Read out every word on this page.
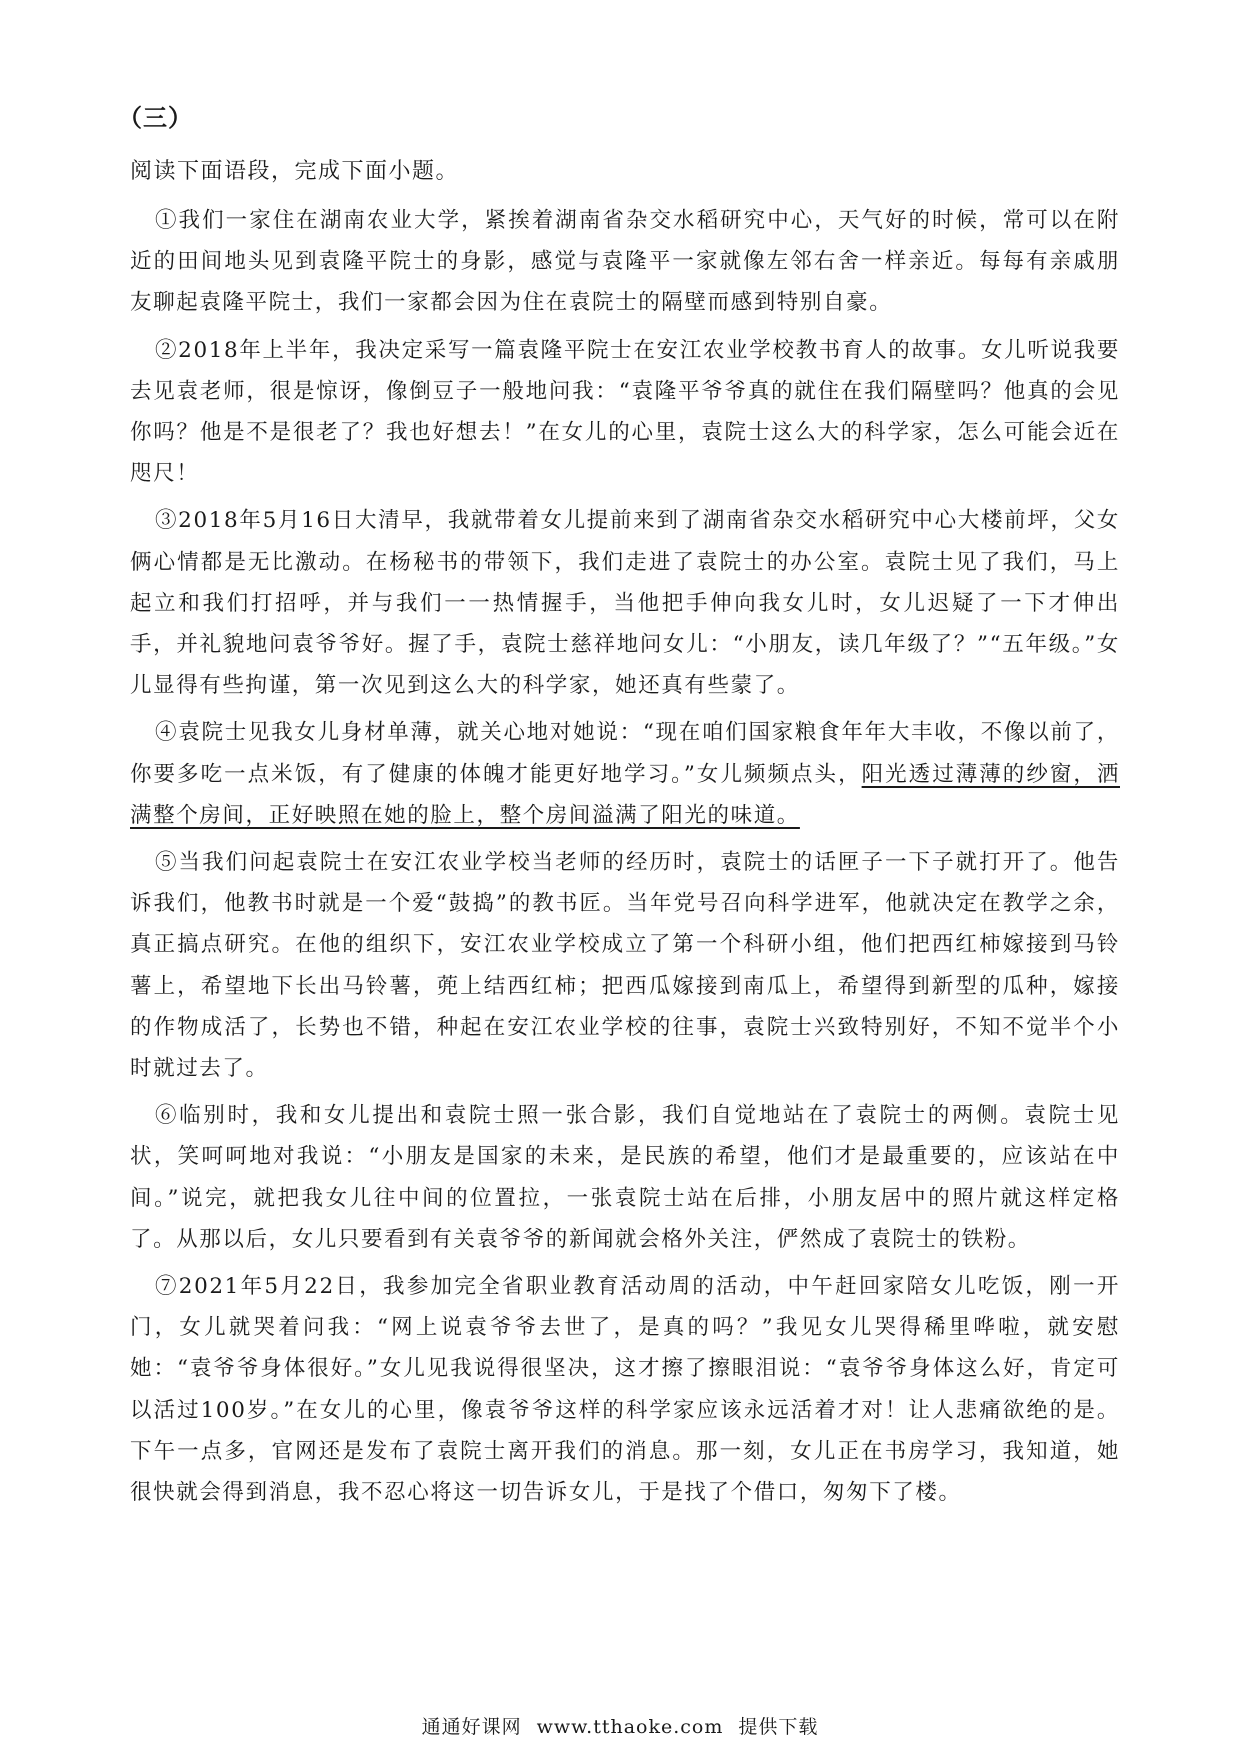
（三）
阅读下面语段，完成下面小题。

①我们一家住在湖南农业大学，紧挨着湖南省杂交水稻研究中心，天气好的时候，常可以在附近的田间地头见到袁隆平院士的身影，感觉与袁隆平一家就像左邻右舍一样亲近。每每有亲戚朋友聊起袁隆平院士，我们一家都会因为住在袁院士的隔壁而感到特别自豪。

②2018年上半年，我决定采写一篇袁隆平院士在安江农业学校教书育人的故事。女儿听说我要去见袁老师，很是惊讶，像倒豆子一般地问我：“袁隆平爷爷真的就住在我们隔壁吗？他真的会见你吗？他是不是很老了？我也好想去！”在女儿的心里，袁院士这么大的科学家，怎么可能会近在咫尺！

③2018年5月16日大清早，我就带着女儿提前来到了湖南省杂交水稻研究中心大楼前坪，父女俩心情都是无比激动。在杨秘书的带领下，我们走进了袁院士的办公室。袁院士见了我们，马上起立和我们打招呼，并与我们一一热情握手，当他把手伸向我女儿时，女儿迟疑了一下才伸出手，并礼貌地问袁爷爷好。握了手，袁院士慈祥地问女儿：“小朋友，读几年级了？”“五年级。”女儿显得有些拘谨，第一次见到这么大的科学家，她还真有些蒙了。

④袁院士见我女儿身材单薄，就关心地对她说：“现在咱们国家粮食年年大丰收，不像以前了，你要多吃一点米饭，有了健康的体魄才能更好地学习。”女儿频频点头，阳光透过薄薄的纱窗，洒满整个房间，正好映照在她的脸上，整个房间溢满了阳光的味道。

⑤当我们问起袁院士在安江农业学校当老师的经历时，袁院士的话匣子一下子就打开了。他告诉我们，他教书时就是一个爱“鼓捣”的教书匠。当年党号召向科学进军，他就决定在教学之余，真正搞点研究。在他的组织下，安江农业学校成立了第一个科研小组，他们把西红柿嫁接到马铃薯上，希望地下长出马铃薯，蔸上结西红柿；把西瓜嫁接到南瓜上，希望得到新型的瓜种，嫁接的作物成活了，长势也不错，种起在安江农业学校的往事，袁院士兴致特别好，不知不觉半个小时就过去了。

⑥临别时，我和女儿提出和袁院士照一张合影，我们自觉地站在了袁院士的两侧。袁院士见状，笑呵呵地对我说：“小朋友是国家的未来，是民族的希望，他们才是最重要的，应该站在中间。”说完，就把我女儿往中间的位置拉，一张袁院士站在后排，小朋友居中的照片就这样定格了。从那以后，女儿只要看到有关袁爷爷的新闻就会格外关注，俨然成了袁院士的铁粉。

⑦2021年5月22日，我参加完全省职业教育活动周的活动，中午赶回家陪女儿吃饭，刚一开门，女儿就哭着问我：“网上说袁爷爷去世了，是真的吗？”我见女儿哭得稀里哗啦，就安慰她：“袁爷爷身体很好。”女儿见我说得很坚决，这才擦了擦眼泪说：“袁爷爷身体这么好，肯定可以活过100岁。”在女儿的心里，像袁爷爷这样的科学家应该永远活着才对！让人悲痛欲绝的是。下午一点多，官网还是发布了袁院士离开我们的消息。那一刻，女儿正在书房学习，我知道，她很快就会得到消息，我不忍心将这一切告诉女儿，于是找了个借口，匆匆下了楼。

通通好课网 www.tthaoke.com 提供下载
